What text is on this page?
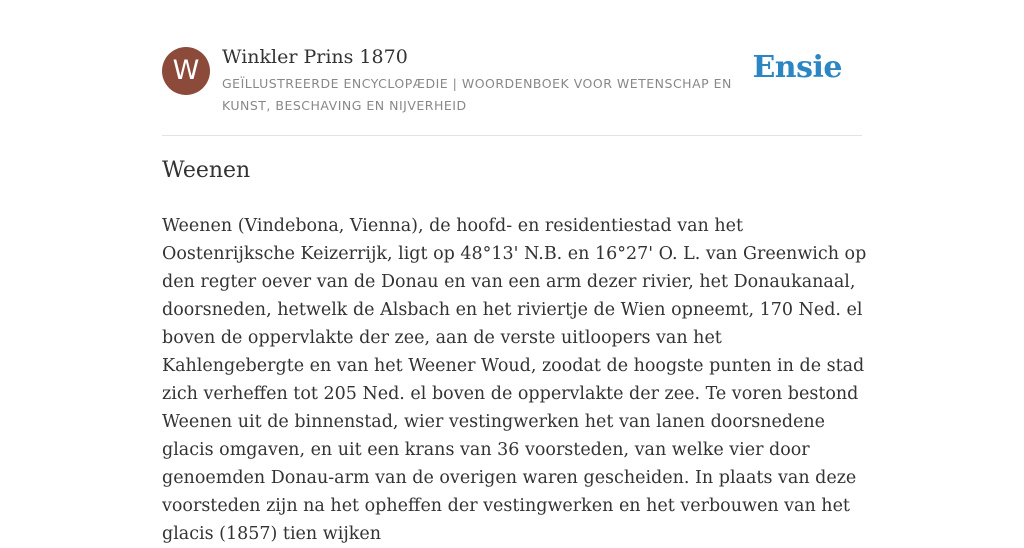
W	Winkler Prins 1870
GEÏLLUSTREERDE ENCYCLOPÆDIE | WOORDENBOEK VOOR WETENSCHAP EN KUNST, BESCHAVING EN NIJVERHEID
Ensie
Weenen

Weenen (Vindebona, Vienna), de hoofd- en residentiestad van het Oostenrijksche Keizerrijk, ligt op 48°13' N.B. en 16°27' O. L. van Greenwich op den regter oever van de Donau en van een arm dezer rivier, het Donaukanaal, doorsneden, hetwelk de Alsbach en het riviertje de Wien opneemt, 170 Ned. el boven de oppervlakte der zee, aan de verste uitloopers van het Kahlengebergte en van het Weener Woud, zoodat de hoogste punten in de stad zich verheffen tot 205 Ned. el boven de oppervlakte der zee. Te voren bestond Weenen uit de binnenstad, wier vestingwerken het van lanen doorsnedene glacis omgaven, en uit een krans van 36 voorsteden, van welke vier door genoemden Donau-arm van de overigen waren gescheiden. In plaats van deze voorsteden zijn na het opheffen der vestingwerken en het verbouwen van het glacis (1857) tien wijken
